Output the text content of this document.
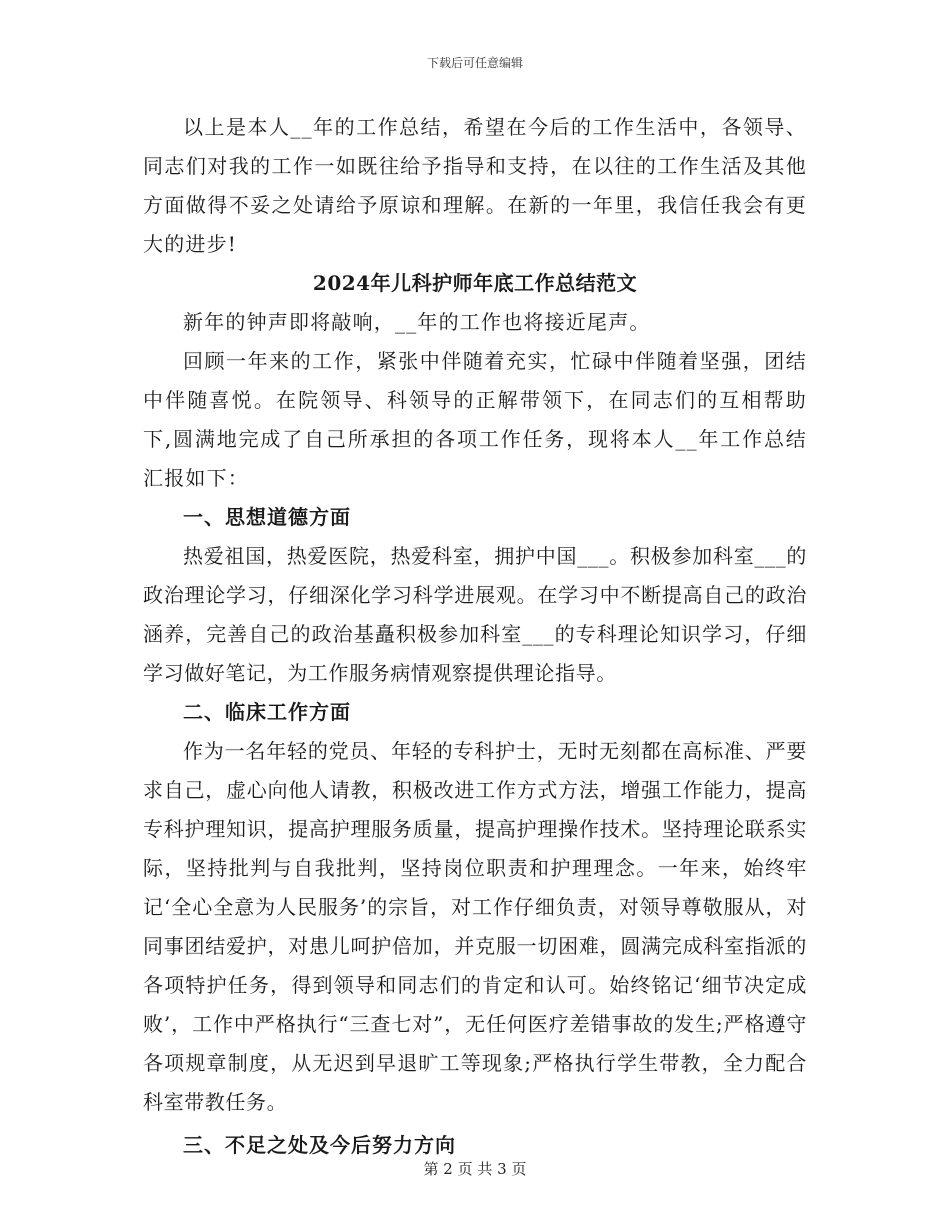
下载后可任意编辑

以上是本人__年的工作总结，希望在今后的工作生活中，各领导、同志们对我的工作一如既往给予指导和支持，在以往的工作生活及其他方面做得不妥之处请给予原谅和理解。在新的一年里，我信任我会有更大的进步!

2024年儿科护师年底工作总结范文

新年的钟声即将敲响，__年的工作也将接近尾声。

回顾一年来的工作，紧张中伴随着充实，忙碌中伴随着坚强，团结中伴随喜悦。在院领导、科领导的正解带领下，在同志们的互相帮助下,圆满地完成了自己所承担的各项工作任务，现将本人__年工作总结汇报如下：

一、思想道德方面

热爱祖国，热爱医院，热爱科室，拥护中国___。积极参加科室___的政治理论学习，仔细深化学习科学进展观。在学习中不断提高自己的政治涵养，完善自己的政治基矗积极参加科室___的专科理论知识学习，仔细学习做好笔记，为工作服务病情观察提供理论指导。

二、临床工作方面

作为一名年轻的党员、年轻的专科护士，无时无刻都在高标准、严要求自己，虚心向他人请教，积极改进工作方式方法，增强工作能力，提高专科护理知识，提高护理服务质量，提高护理操作技术。坚持理论联系实际，坚持批判与自我批判，坚持岗位职责和护理理念。一年来，始终牢记‘全心全意为人民服务’的宗旨，对工作仔细负责，对领导尊敬服从，对同事团结爱护，对患儿呵护倍加，并克服一切困难，圆满完成科室指派的各项特护任务，得到领导和同志们的肯定和认可。始终铭记‘细节决定成败’，工作中严格执行“三查七对”，无任何医疗差错事故的发生;严格遵守各项规章制度，从无迟到早退旷工等现象;严格执行学生带教，全力配合科室带教任务。

三、不足之处及今后努力方向

第 2 页 共 3 页
